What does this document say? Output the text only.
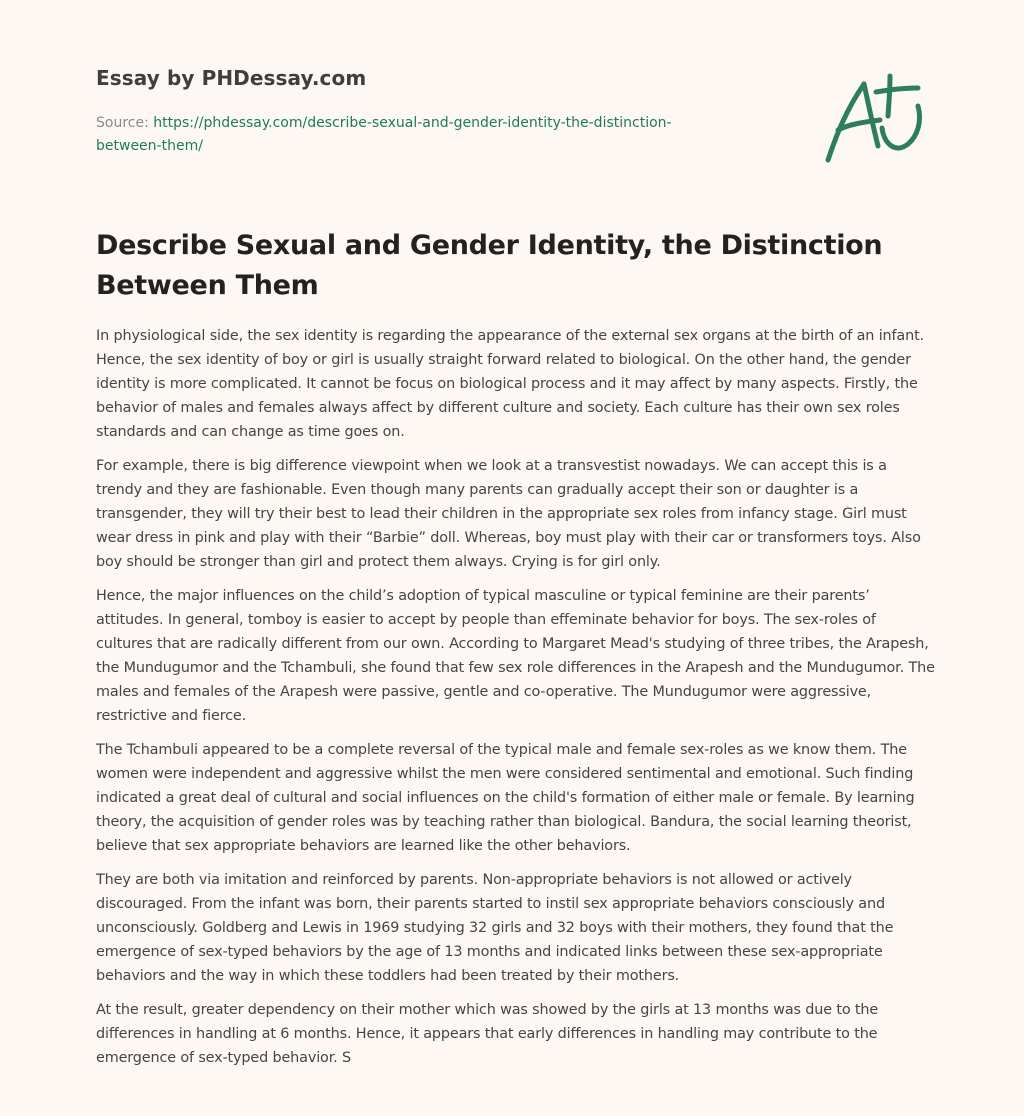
Essay by PHDessay.com
Source: https://phdessay.com/describe-sexual-and-gender-identity-the-distinction-between-them/
Describe Sexual and Gender Identity, the Distinction Between Them

In physiological side, the sex identity is regarding the appearance of the external sex organs at the birth of an infant. Hence, the sex identity of boy or girl is usually straight forward related to biological. On the other hand, the gender identity is more complicated. It cannot be focus on biological process and it may affect by many aspects. Firstly, the behavior of males and females always affect by different culture and society. Each culture has their own sex roles standards and can change as time goes on.

For example, there is big difference viewpoint when we look at a transvestist nowadays. We can accept this is a trendy and they are fashionable. Even though many parents can gradually accept their son or daughter is a transgender, they will try their best to lead their children in the appropriate sex roles from infancy stage. Girl must wear dress in pink and play with their “Barbie” doll. Whereas, boy must play with their car or transformers toys. Also boy should be stronger than girl and protect them always. Crying is for girl only.

Hence, the major influences on the child’s adoption of typical masculine or typical feminine are their parents’ attitudes. In general, tomboy is easier to accept by people than effeminate behavior for boys. The sex-roles of cultures that are radically different from our own. According to Margaret Mead's studying of three tribes, the Arapesh, the Mundugumor and the Tchambuli, she found that few sex role differences in the Arapesh and the Mundugumor. The males and females of the Arapesh were passive, gentle and co-operative. The Mundugumor were aggressive, restrictive and fierce.

The Tchambuli appeared to be a complete reversal of the typical male and female sex-roles as we know them. The women were independent and aggressive whilst the men were considered sentimental and emotional. Such finding indicated a great deal of cultural and social influences on the child's formation of either male or female. By learning theory, the acquisition of gender roles was by teaching rather than biological. Bandura, the social learning theorist, believe that sex appropriate behaviors are learned like the other behaviors.

They are both via imitation and reinforced by parents. Non-appropriate behaviors is not allowed or actively discouraged. From the infant was born, their parents started to instil sex appropriate behaviors consciously and unconsciously. Goldberg and Lewis in 1969 studying 32 girls and 32 boys with their mothers, they found that the emergence of sex-typed behaviors by the age of 13 months and indicated links between these sex-appropriate behaviors and the way in which these toddlers had been treated by their mothers.

At the result, greater dependency on their mother which was showed by the girls at 13 months was due to the differences in handling at 6 months. Hence, it appears that early differences in handling may contribute to the emergence of sex-typed behavior. S
